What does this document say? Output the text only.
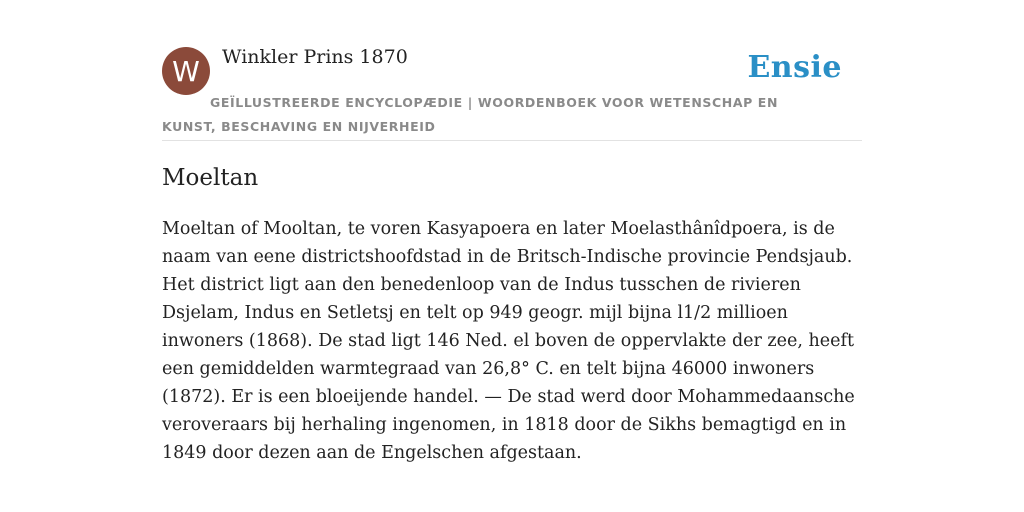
W	Winkler Prins 1870	Ensie
GEÏLLUSTREERDE ENCYCLOPÆDIE | WOORDENBOEK VOOR WETENSCHAP EN KUNST, BESCHAVING EN NIJVERHEID
Moeltan
Moeltan of Mooltan, te voren Kasyapoera en later Moelasthânîdpoera, is de naam van eene districtshoofdstad in de Britsch-Indische provincie Pendsjaub. Het district ligt aan den benedenloop van de Indus tusschen de rivieren Dsjelam, Indus en Setletsj en telt op 949 geogr. mijl bijna l1/2 millioen inwoners (1868). De stad ligt 146 Ned. el boven de oppervlakte der zee, heeft een gemiddelden warmtegraad van 26,8° C. en telt bijna 46000 inwoners (1872). Er is een bloeijende handel. — De stad werd door Mohammedaansche veroveraars bij herhaling ingenomen, in 1818 door de Sikhs bemagtigd en in 1849 door dezen aan de Engelschen afgestaan.
